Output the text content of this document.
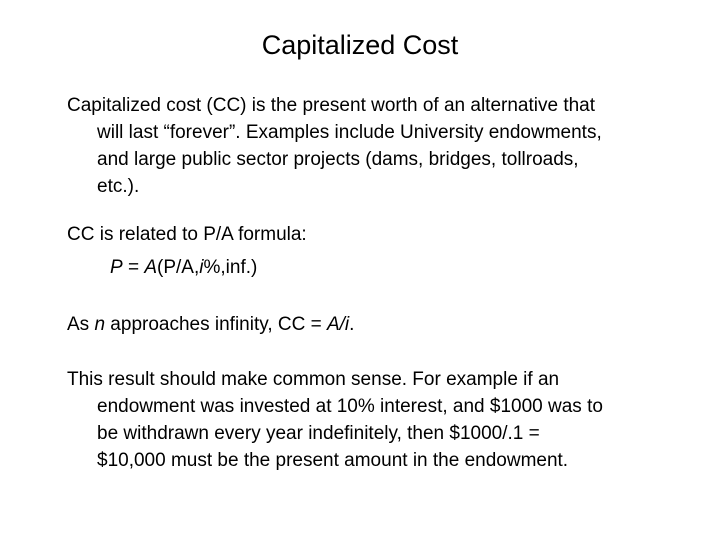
Capitalized Cost
Capitalized cost (CC) is the present worth of an alternative that
will last “forever”. Examples include University endowments,
and large public sector projects (dams, bridges, tollroads,
etc.).
CC is related to P/A formula:
P = A(P/A,i%,inf.)
As n approaches infinity, CC = A/i.
This result should make common sense. For example if an
endowment was invested at 10% interest, and $1000 was to
be withdrawn every year indefinitely, then $1000/.1 =
$10,000 must be the present amount in the endowment.
